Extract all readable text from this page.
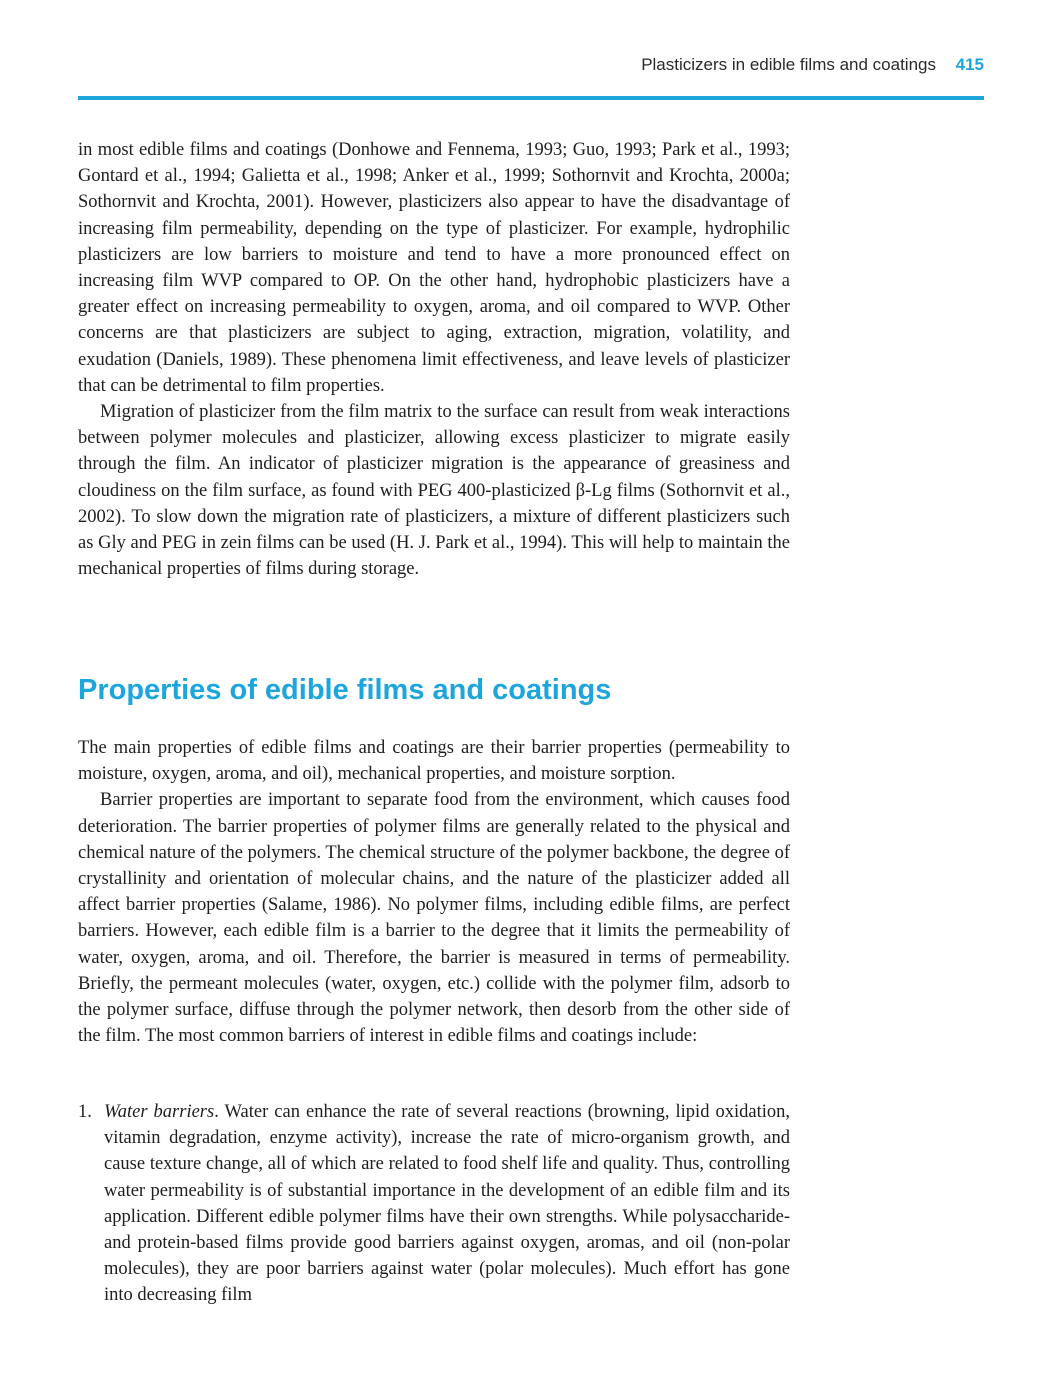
Plasticizers in edible films and coatings 415

in most edible films and coatings (Donhowe and Fennema, 1993; Guo, 1993; Park et al., 1993; Gontard et al., 1994; Galietta et al., 1998; Anker et al., 1999; Sothornvit and Krochta, 2000a; Sothornvit and Krochta, 2001). However, plasticizers also appear to have the disadvantage of increasing film permeability, depending on the type of plasticizer. For example, hydrophilic plasticizers are low barriers to moisture and tend to have a more pronounced effect on increasing film WVP compared to OP. On the other hand, hydrophobic plasticizers have a greater effect on increasing permeability to oxygen, aroma, and oil compared to WVP. Other concerns are that plasticizers are subject to aging, extraction, migration, volatility, and exudation (Daniels, 1989). These phenomena limit effectiveness, and leave levels of plasticizer that can be detrimental to film properties.

Migration of plasticizer from the film matrix to the surface can result from weak interactions between polymer molecules and plasticizer, allowing excess plasticizer to migrate easily through the film. An indicator of plasticizer migration is the appearance of greasiness and cloudiness on the film surface, as found with PEG 400-plasticized β-Lg films (Sothornvit et al., 2002). To slow down the migration rate of plasticizers, a mixture of different plasticizers such as Gly and PEG in zein films can be used (H. J. Park et al., 1994). This will help to maintain the mechanical properties of films during storage.

Properties of edible films and coatings

The main properties of edible films and coatings are their barrier properties (permeability to moisture, oxygen, aroma, and oil), mechanical properties, and moisture sorption.

Barrier properties are important to separate food from the environment, which causes food deterioration. The barrier properties of polymer films are generally related to the physical and chemical nature of the polymers. The chemical structure of the polymer backbone, the degree of crystallinity and orientation of molecular chains, and the nature of the plasticizer added all affect barrier properties (Salame, 1986). No polymer films, including edible films, are perfect barriers. However, each edible film is a barrier to the degree that it limits the permeability of water, oxygen, aroma, and oil. Therefore, the barrier is measured in terms of permeability. Briefly, the permeant molecules (water, oxygen, etc.) collide with the polymer film, adsorb to the polymer surface, diffuse through the polymer network, then desorb from the other side of the film. The most common barriers of interest in edible films and coatings include:

1. Water barriers. Water can enhance the rate of several reactions (browning, lipid oxidation, vitamin degradation, enzyme activity), increase the rate of micro-organism growth, and cause texture change, all of which are related to food shelf life and quality. Thus, controlling water permeability is of substantial importance in the development of an edible film and its application. Different edible polymer films have their own strengths. While polysaccharide- and protein-based films provide good barriers against oxygen, aromas, and oil (non-polar molecules), they are poor barriers against water (polar molecules). Much effort has gone into decreasing film
